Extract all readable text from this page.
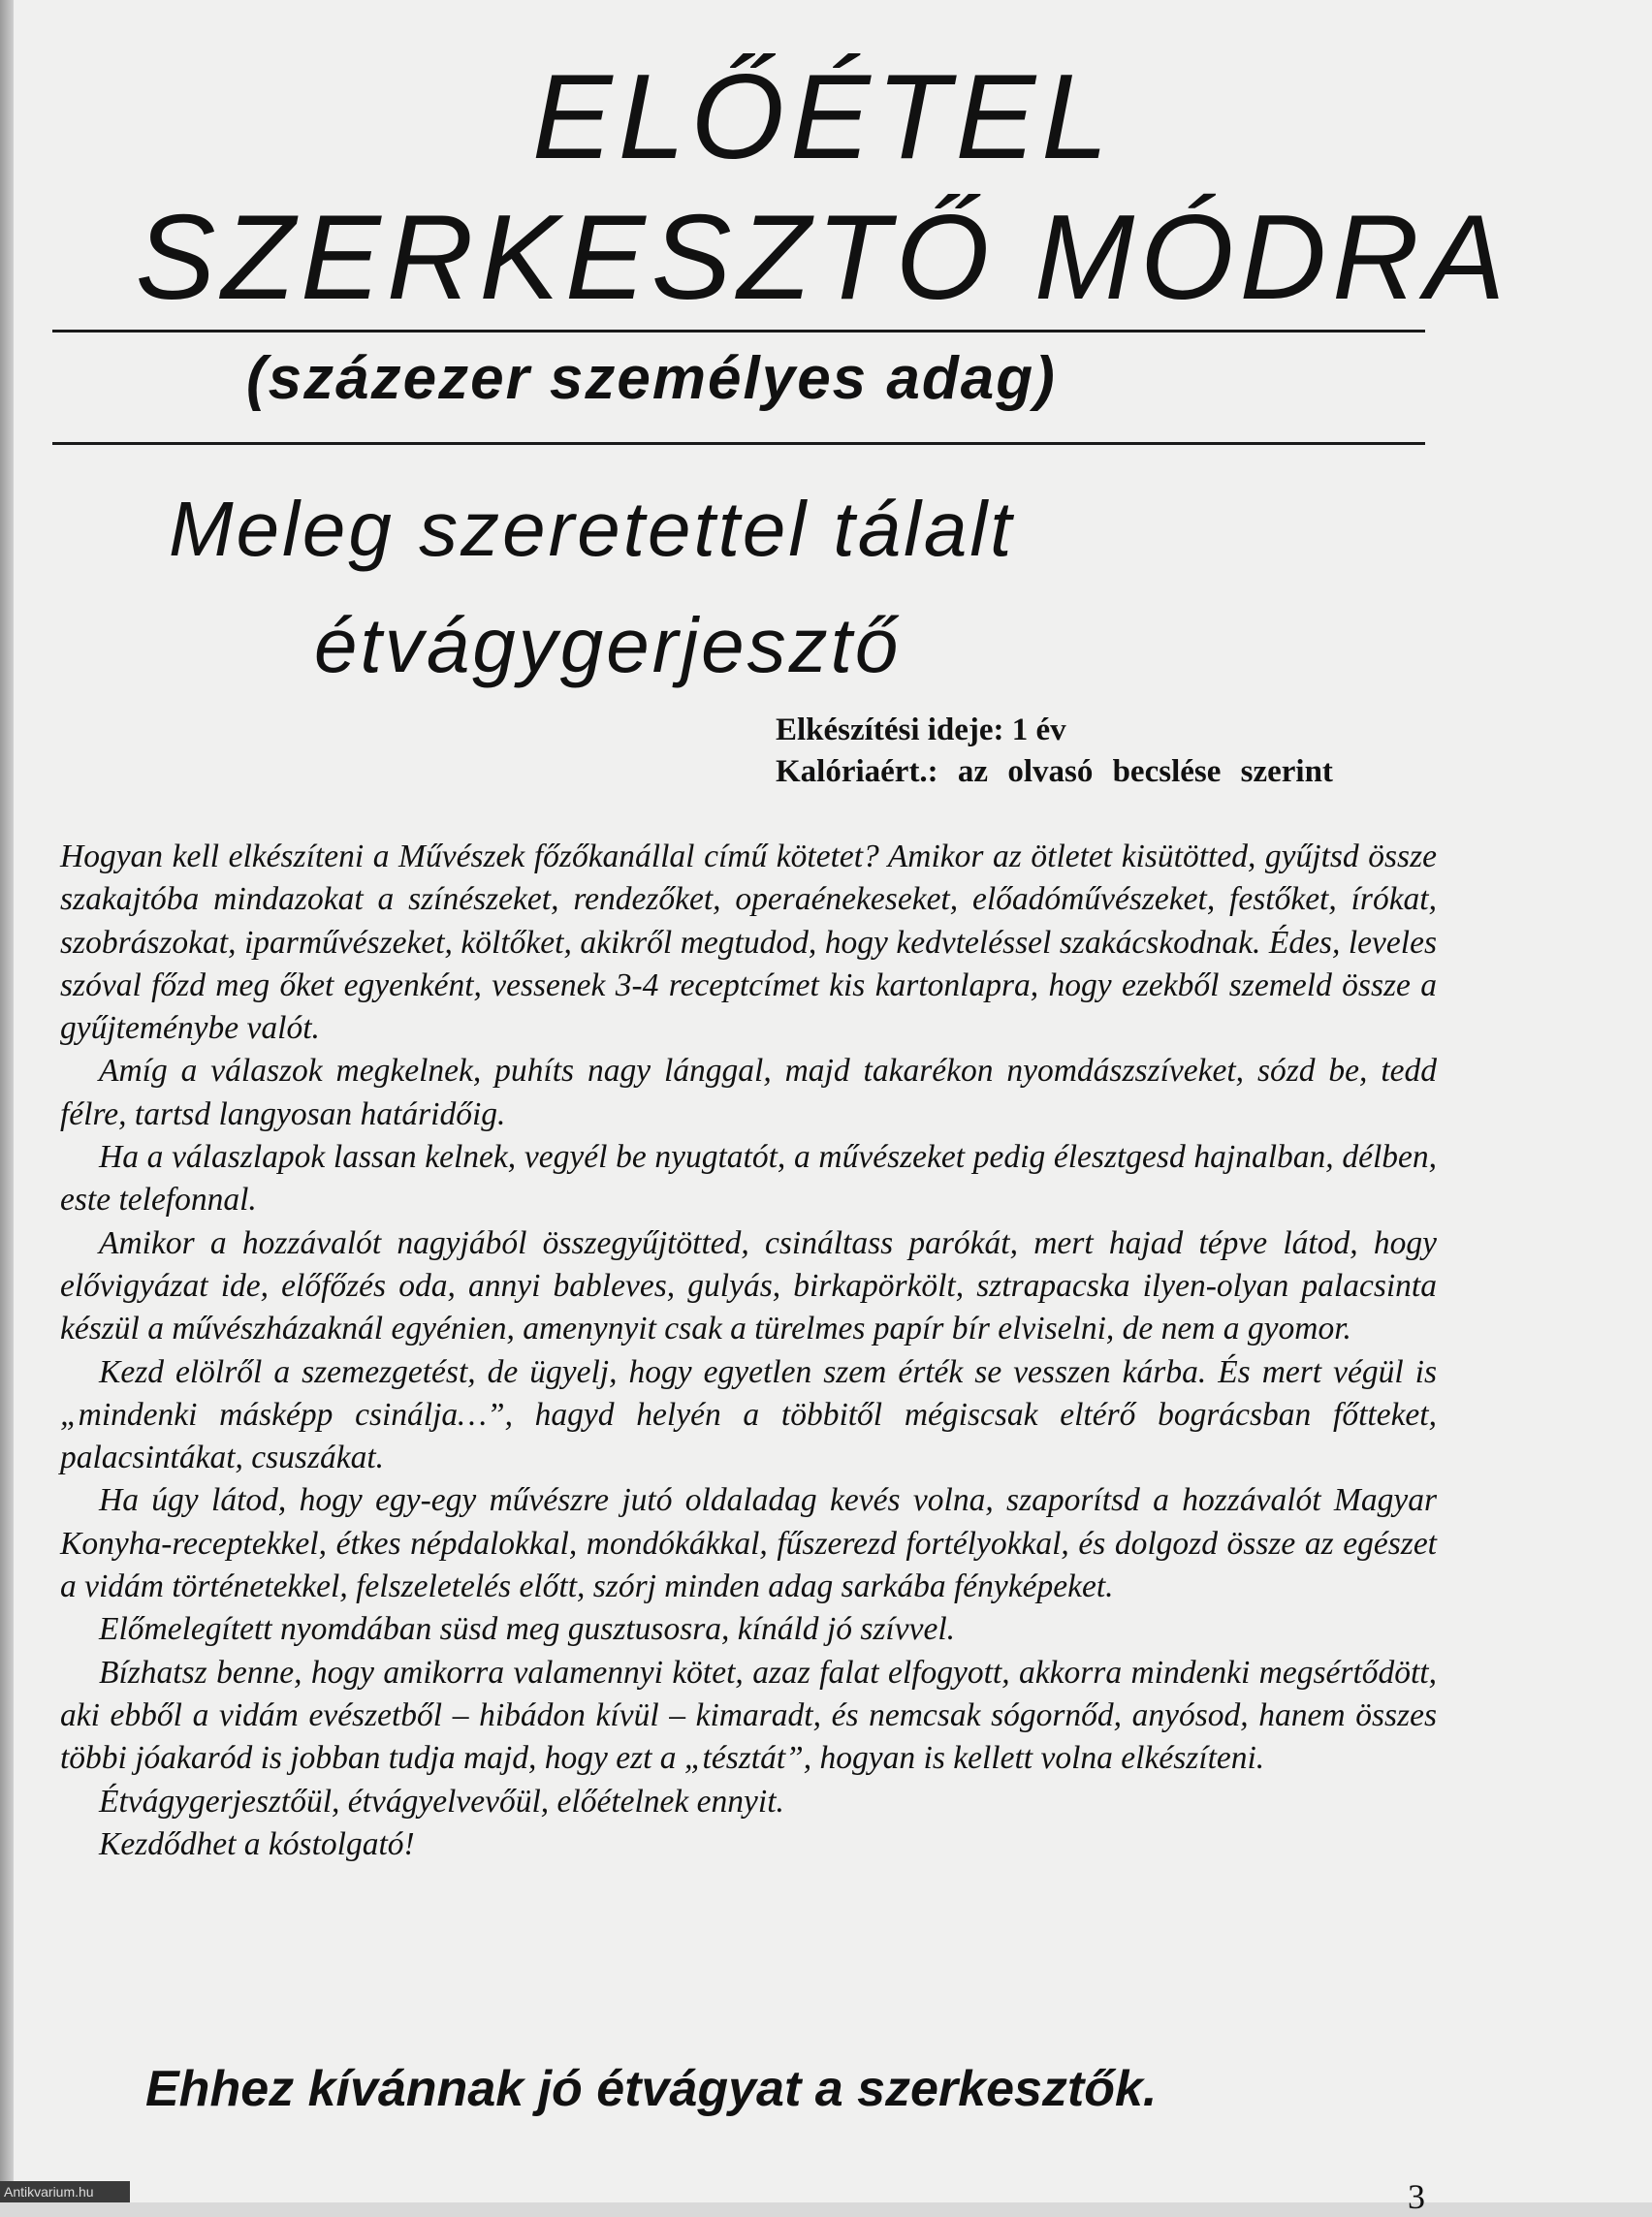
ELŐÉTEL
SZERKESZTŐ MÓDRA
(százezer személyes adag)
Meleg szeretettel tálalt
étvágygerjesztő
Elkészítési ideje: 1 év
Kalóriaért.: az olvasó becslése szerint

Hogyan kell elkészíteni a Művészek főzőkanállal című kötetet? Amikor az ötletet kisütötted, gyűjtsd össze szakajtóba mindazokat a színészeket, rendezőket, operaénekeseket, előadóművészeket, festőket, írókat, szobrászokat, iparművészeket, költőket, akikről megtudod, hogy kedvteléssel szakácskodnak. Édes, leveles szóval főzd meg őket egyenként, vessenek 3-4 receptcímet kis kartonlapra, hogy ezekből szemeld össze a gyűjteménybe valót.

Amíg a válaszok megkelnek, puhíts nagy lánggal, majd takarékon nyomdászszíveket, sózd be, tedd félre, tartsd langyosan határidőig.

Ha a válaszlapok lassan kelnek, vegyél be nyugtatót, a művészeket pedig élesztgesd hajnalban, délben, este telefonnal.

Amikor a hozzávalót nagyjából összegyűjtötted, csináltass parókát, mert hajad tépve látod, hogy elővigyázat ide, előfőzés oda, annyi bableves, gulyás, birkapörkölt, sztrapacska ilyen-olyan palacsinta készül a művészházaknál egyénien, amenynyit csak a türelmes papír bír elviselni, de nem a gyomor.

Kezd elölről a szemezgetést, de ügyelj, hogy egyetlen szem érték se vesszen kárba. És mert végül is „mindenki másképp csinálja…”, hagyd helyén a többitől mégiscsak eltérő bográcsban főtteket, palacsintákat, csuszákat.

Ha úgy látod, hogy egy-egy művészre jutó oldaladag kevés volna, szaporítsd a hozzávalót Magyar Konyha-receptekkel, étkes népdalokkal, mondókákkal, fűszerezd fortélyokkal, és dolgozd össze az egészet a vidám történetekkel, felszeletelés előtt, szórj minden adag sarkába fényképeket.

Előmelegített nyomdában süsd meg gusztusosra, kínáld jó szívvel.

Bízhatsz benne, hogy amikorra valamennyi kötet, azaz falat elfogyott, akkorra mindenki megsértődött, aki ebből a vidám evészetből – hibádon kívül – kimaradt, és nemcsak sógornőd, anyósod, hanem összes többi jóakaród is jobban tudja majd, hogy ezt a „tésztát”, hogyan is kellett volna elkészíteni.

Étvágygerjesztőül, étvágyelvevőül, előételnek ennyit.

Kezdődhet a kóstolgató!

Ehhez kívánnak jó étvágyat a szerkesztők.
3
Antikvarium.hu
